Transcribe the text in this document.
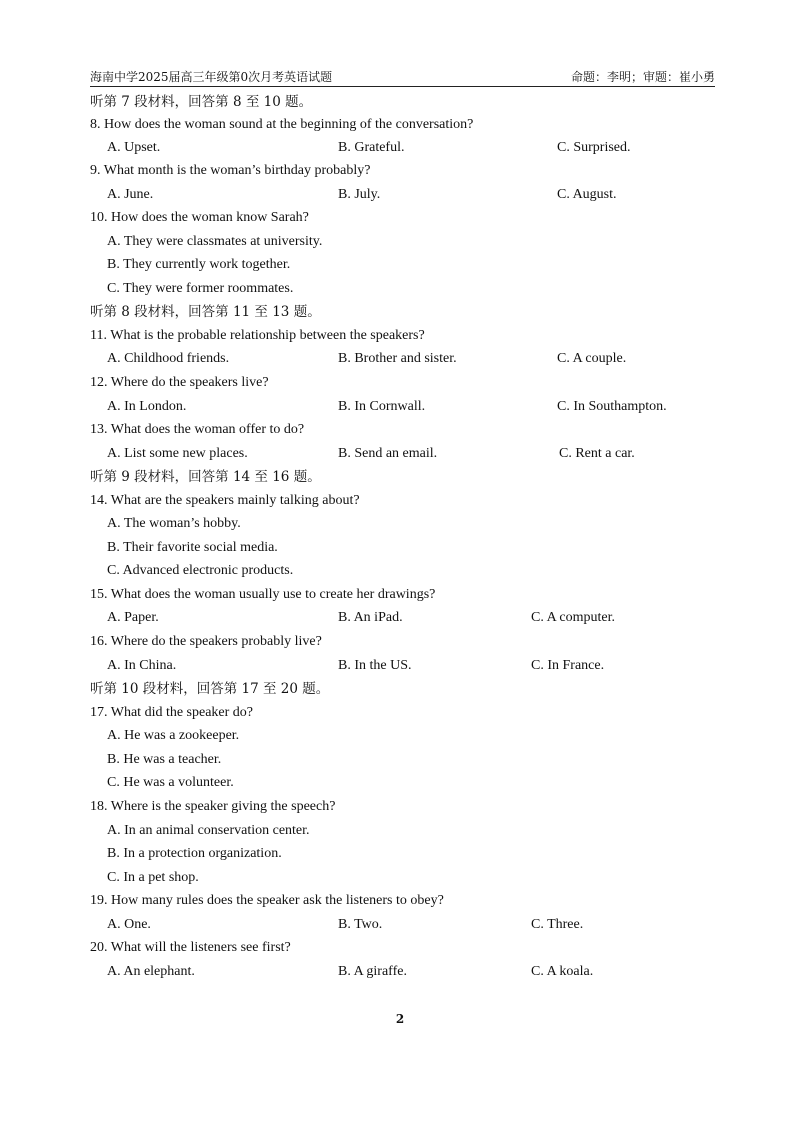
海南中学2025届高三年级第0次月考英语试题	命题：李明；审题：崔小勇
听第 7 段材料，回答第 8 至 10 题。
8. How does the woman sound at the beginning of the conversation?
A. Upset.	B. Grateful.	C. Surprised.
9. What month is the woman’s birthday probably?
A. June.	B. July.	C. August.
10. How does the woman know Sarah?
A. They were classmates at university.
B. They currently work together.
C. They were former roommates.
听第 8 段材料，回答第 11 至 13 题。
11. What is the probable relationship between the speakers?
A. Childhood friends.	B. Brother and sister.	C. A couple.
12. Where do the speakers live?
A. In London.	B. In Cornwall.	C. In Southampton.
13. What does the woman offer to do?
A. List some new places.	B. Send an email.	C. Rent a car.
听第 9 段材料，回答第 14 至 16 题。
14. What are the speakers mainly talking about?
A. The woman’s hobby.
B. Their favorite social media.
C. Advanced electronic products.
15. What does the woman usually use to create her drawings?
A. Paper.	B. An iPad.	C. A computer.
16. Where do the speakers probably live?
A. In China.	B. In the US.	C. In France.
听第 10 段材料，回答第 17 至 20 题。
17. What did the speaker do?
A. He was a zookeeper.
B. He was a teacher.
C. He was a volunteer.
18. Where is the speaker giving the speech?
A. In an animal conservation center.
B. In a protection organization.
C. In a pet shop.
19. How many rules does the speaker ask the listeners to obey?
A. One.	B. Two.	C. Three.
20. What will the listeners see first?
A. An elephant.	B. A giraffe.	C. A koala.
2
